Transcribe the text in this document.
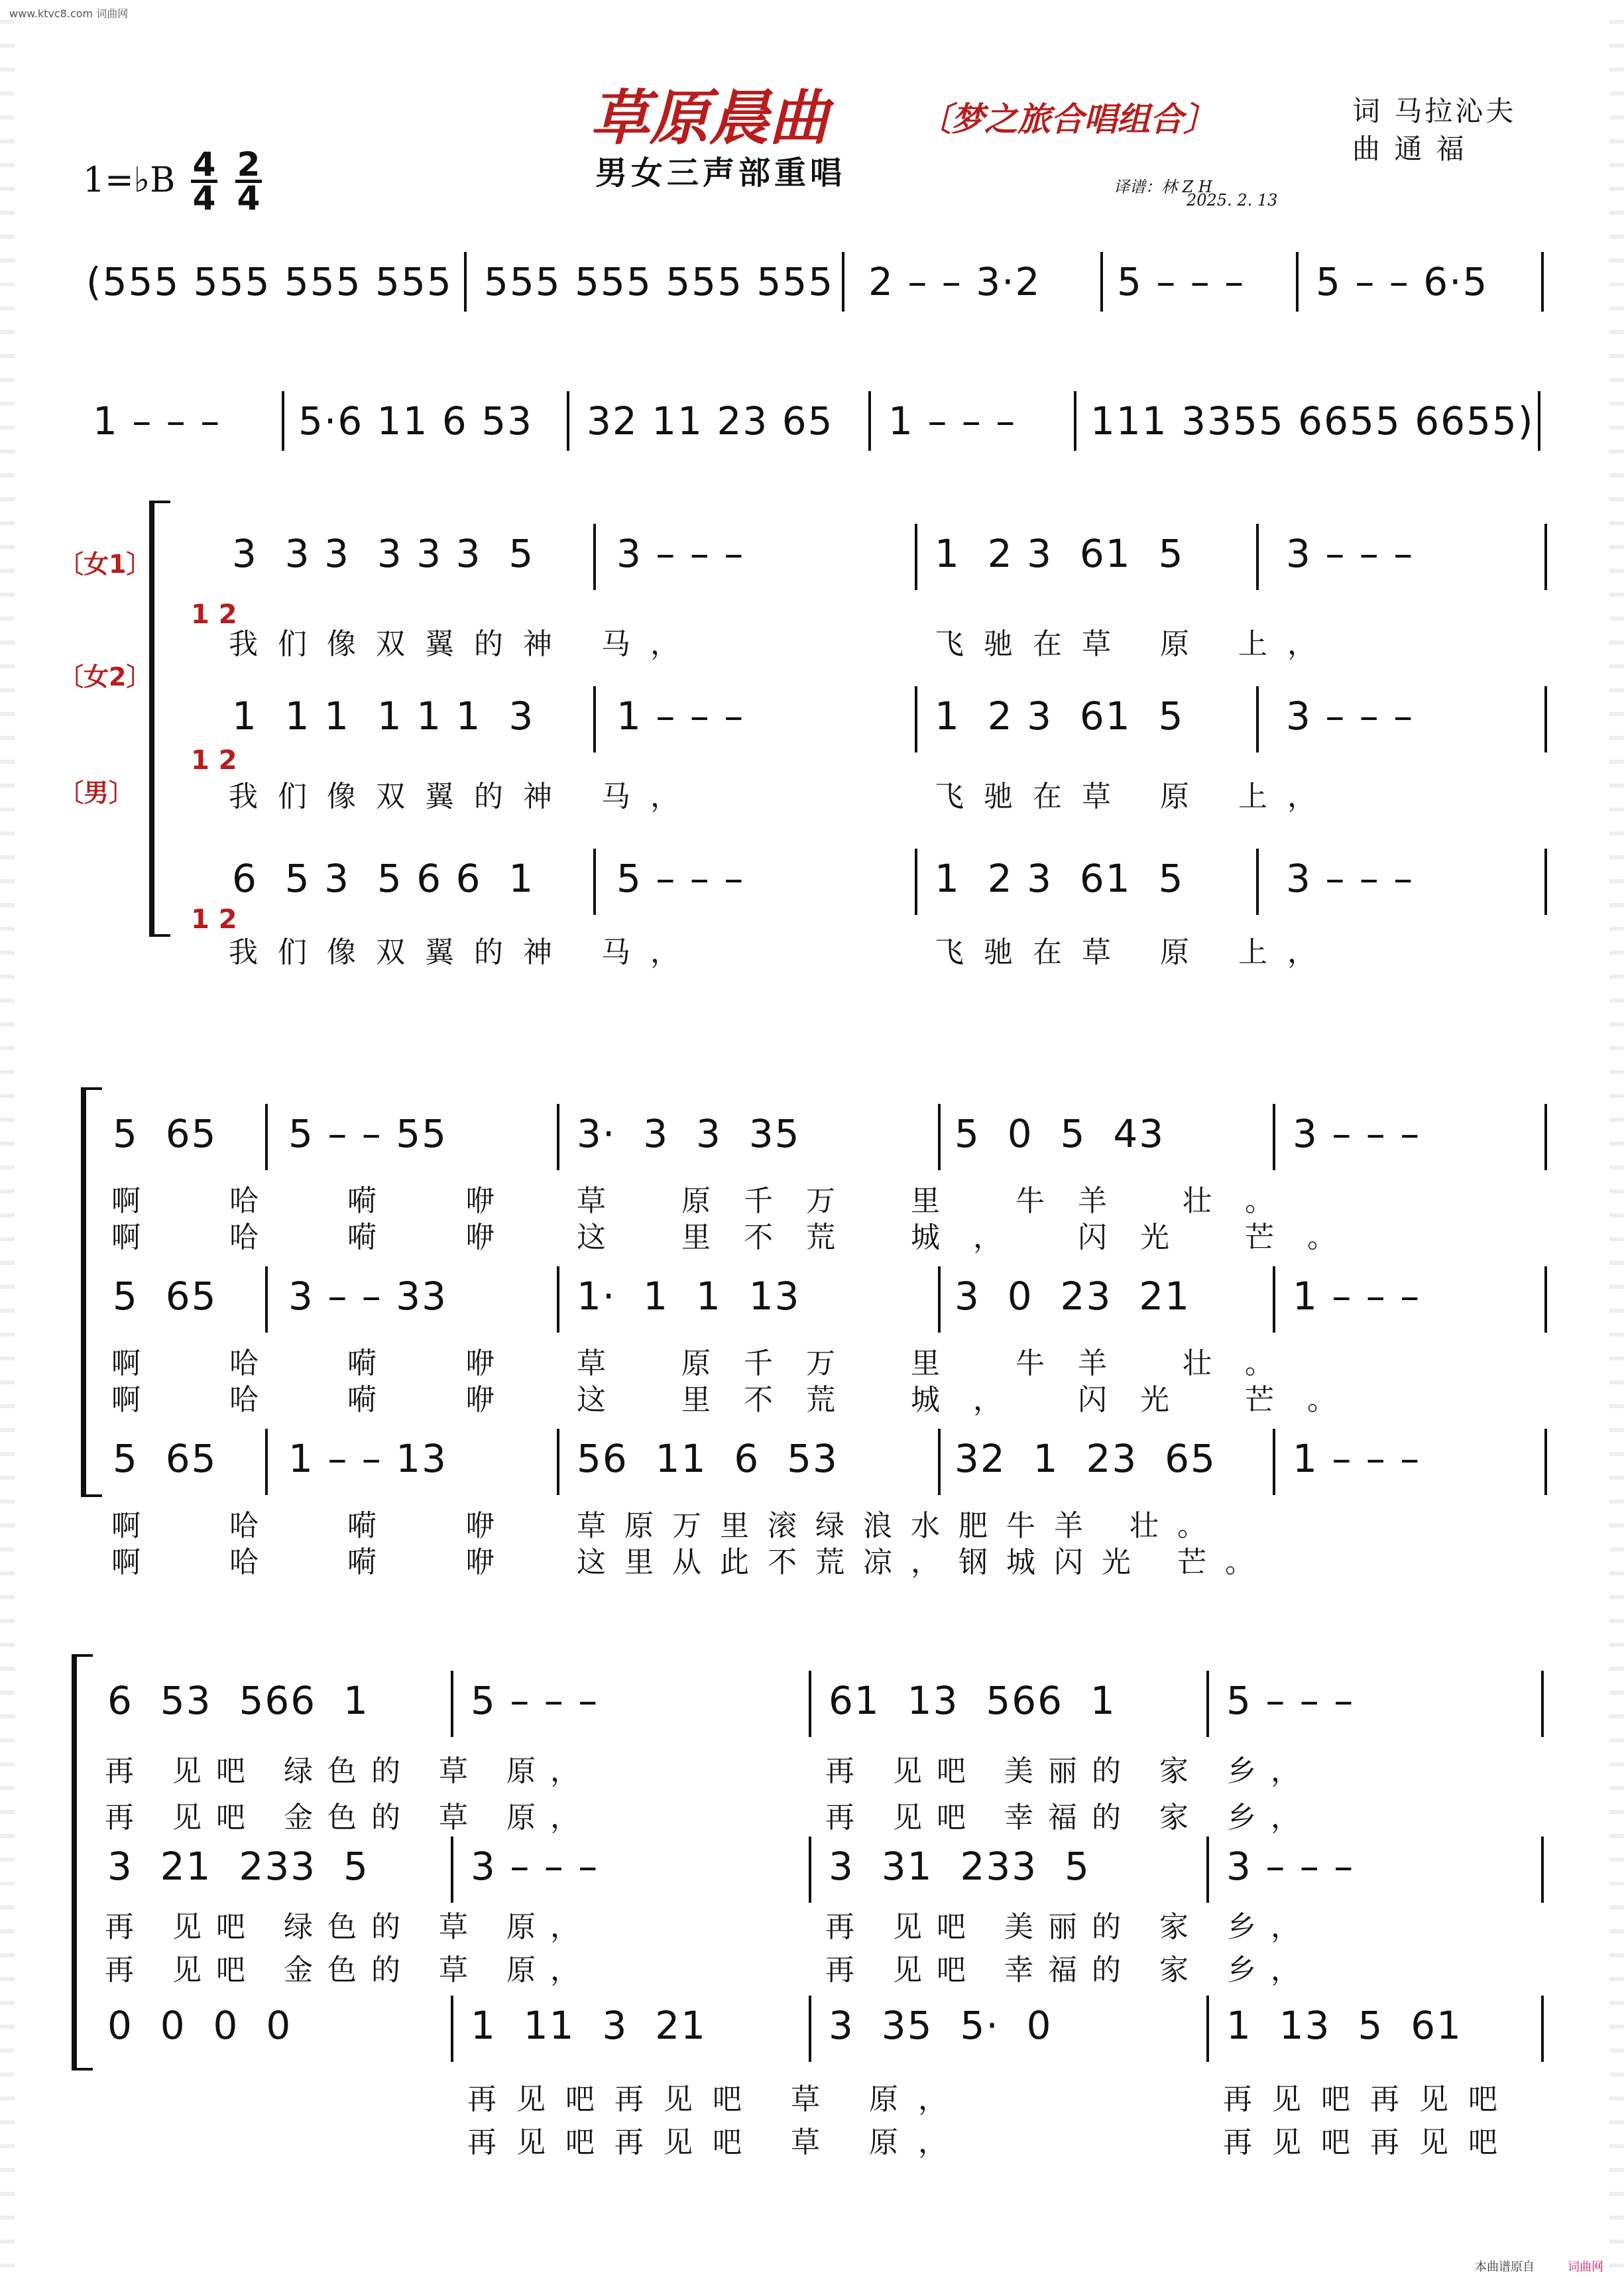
www.ktvc8.com 词曲网
草原晨曲	〔梦之旅合唱组合〕
男女三声部重唱
词 马拉沁夫
曲 通 福
译谱：林 Z H
2025. 2. 13
1=♭B 4
4
2
4
(555 555 555 555 555 555 555 555 2 – – 3·2 5 – – – 5 – – 6·5
1 – – – 5·6 11 6 53 32 11 23 65 1 – – – 111 3355 6655 6655)
〔女1〕
〔女2〕
〔男〕
1 2
1 2
1 2
3  3 3  3 3 3  5 3 – – –	1  2 3  61  5	3 – – –
我们像双翼的神 马，	飞驰在草 原 上，
1  1 1  1 1 1  3 1 – – –	1  2 3  61  5	3 – – –
我们像双翼的神 马，	飞驰在草 原 上，
6  5 3  5 6 6  1 5 – – –	1  2 3  61  5	3 – – –
我们像双翼的神 马，	飞驰在草 原 上，
5  65 5 – – 55	3·  3  3  35	5  0  5  43	3 – – –
啊 哈 嗬 咿 草 原千万 里 牛羊 壮。
啊 哈 嗬 咿 这 里不荒 城， 闪光 芒。
5  65 3 – – 33	1·  1  1  13	3  0  23  21	1 – – –
啊 哈 嗬 咿 草 原千万 里 牛羊 壮。
啊 哈 嗬 咿 这 里不荒 城， 闪光 芒。
5  65 1 – – 13	56  11  6  53	32  1  23  65 1 – – –
啊 哈 嗬 咿 草原万里滚绿浪水肥牛羊 壮。
啊 哈 嗬 咿 这里从此不荒凉，钢城闪光 芒。
6  53  566  1	5 – – –	61  13  566  1	5 – – –
再 见吧 绿色的 草 原，	再 见吧 美丽的 家 乡，
再 见吧 金色的 草 原，	再 见吧 幸福的 家 乡，
3  21  233  5	3 – – –	3  31  233  5	3 – – –
再 见吧 绿色的 草 原，	再 见吧 美丽的 家 乡，
再 见吧 金色的 草 原，	再 见吧 幸福的 家 乡，
0  0  0  0	1  11  3  21	3  35  5·  0	1  13  5  61
再见吧再见吧 草 原，	再见吧再见吧
再见吧再见吧 草 原，	再见吧再见吧
本曲谱原自	词曲网
